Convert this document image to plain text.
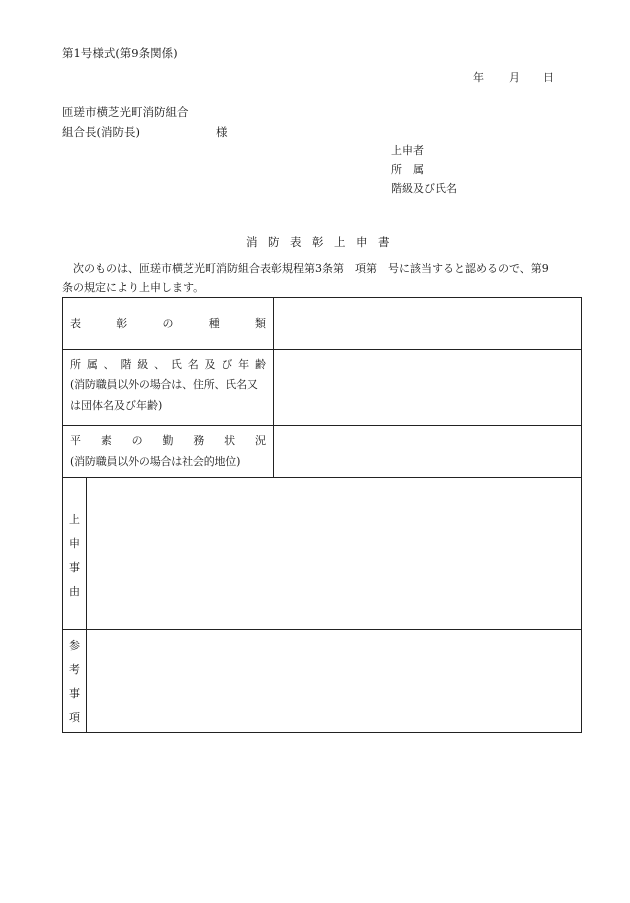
第1号様式(第9条関係)
年 月 日
匝瑳市横芝光町消防組合
組合長(消防長)	様
上申者
所　属
階級及び氏名
消 防 表 彰 上 申 書
次のものは、匝瑳市横芝光町消防組合表彰規程第3条第　項第　号に該当すると認めるので、第9
条の規定により上申します。
表	彰	の	種	類
所 属 、 階 級 、 氏 名 及 び 年 齢
(消防職員以外の場合は、住所、氏名又
は団体名及び年齢)
平 素 の 勤 務 状 況
(消防職員以外の場合は社会的地位)
上
申
事
由
参
考
事
項
